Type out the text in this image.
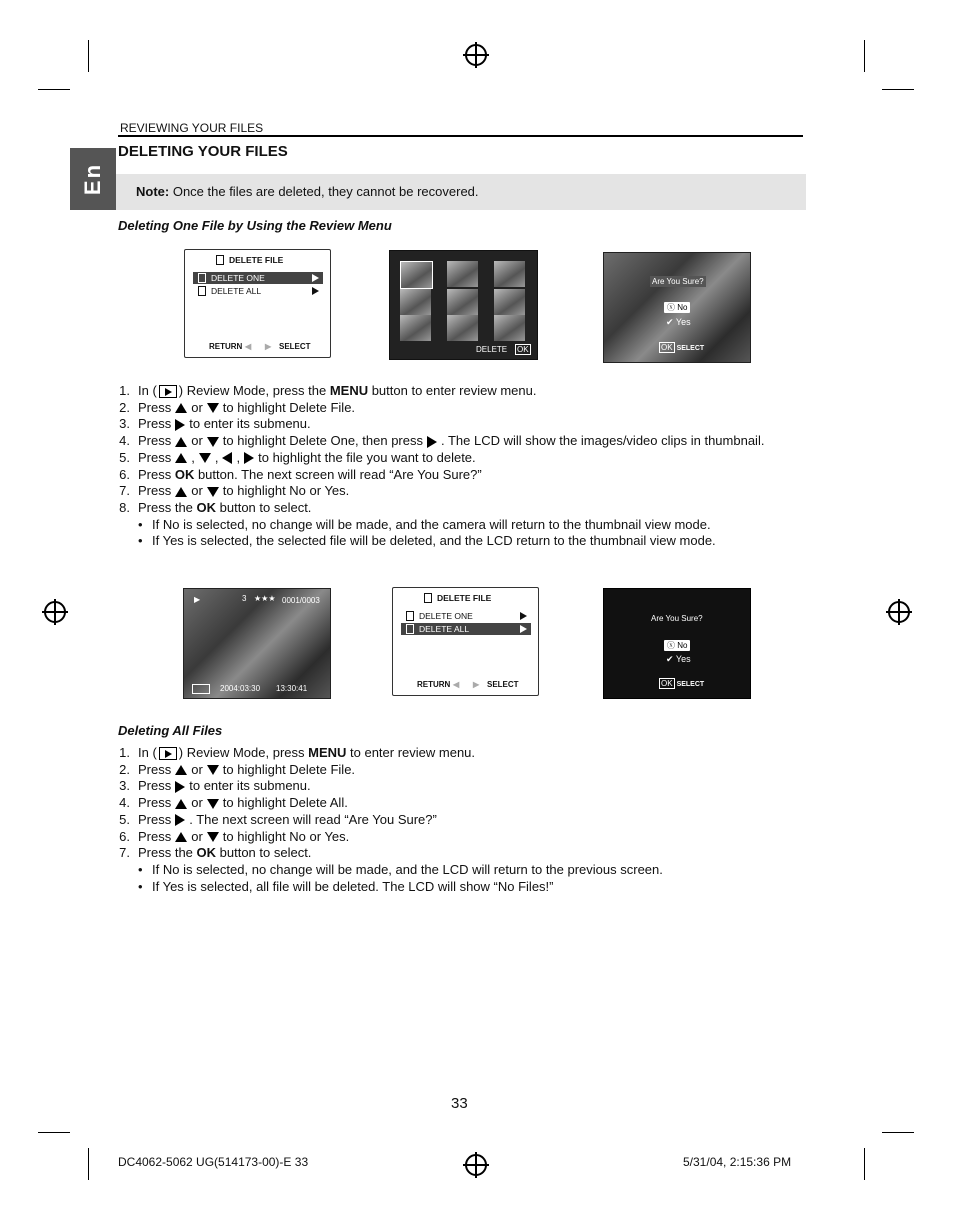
REVIEWING YOUR FILES
En
DELETING YOUR FILES
Note: Once the files are deleted, they cannot be recovered.
Deleting One File by Using the Review Menu
DELETE FILE
DELETE ONE
DELETE ALL
RETURN ◀ ▶ SELECT	DELETE OK
Are You Sure?
ⓧ No
✔ Yes
OK SELECT
1. In ( ) Review Mode, press the MENU button to enter review menu.
2. Press or to highlight Delete File.
3. Press to enter its submenu.
4. Press or to highlight Delete One, then press . The LCD will show the images/video clips in thumbnail.
5. Press , , , to highlight the file you want to delete.
6. Press OK button. The next screen will read “Are You Sure?”
7. Press or to highlight No or Yes.
8. Press the OK button to select.
• If No is selected, no change will be made, and the camera will return to the thumbnail view mode.
• If Yes is selected, the selected file will be deleted, and the LCD return to the thumbnail view mode.
▶	3 ★★★ 0001/0003
2004:03:30 13:30:41
DELETE FILE
DELETE ONE
DELETE ALL
RETURN ◀ ▶ SELECT
Are You Sure?
ⓧ No
✔ Yes
OK SELECT
Deleting All Files
1. In ( ) Review Mode, press MENU to enter review menu.
2. Press or to highlight Delete File.
3. Press to enter its submenu.
4. Press or to highlight Delete All.
5. Press . The next screen will read “Are You Sure?”
6. Press or to highlight No or Yes.
7. Press the OK button to select.
• If No is selected, no change will be made, and the LCD will return to the previous screen.
• If Yes is selected, all file will be deleted. The LCD will show “No Files!”
33
DC4062-5062 UG(514173-00)-E 33	5/31/04, 2:15:36 PM
